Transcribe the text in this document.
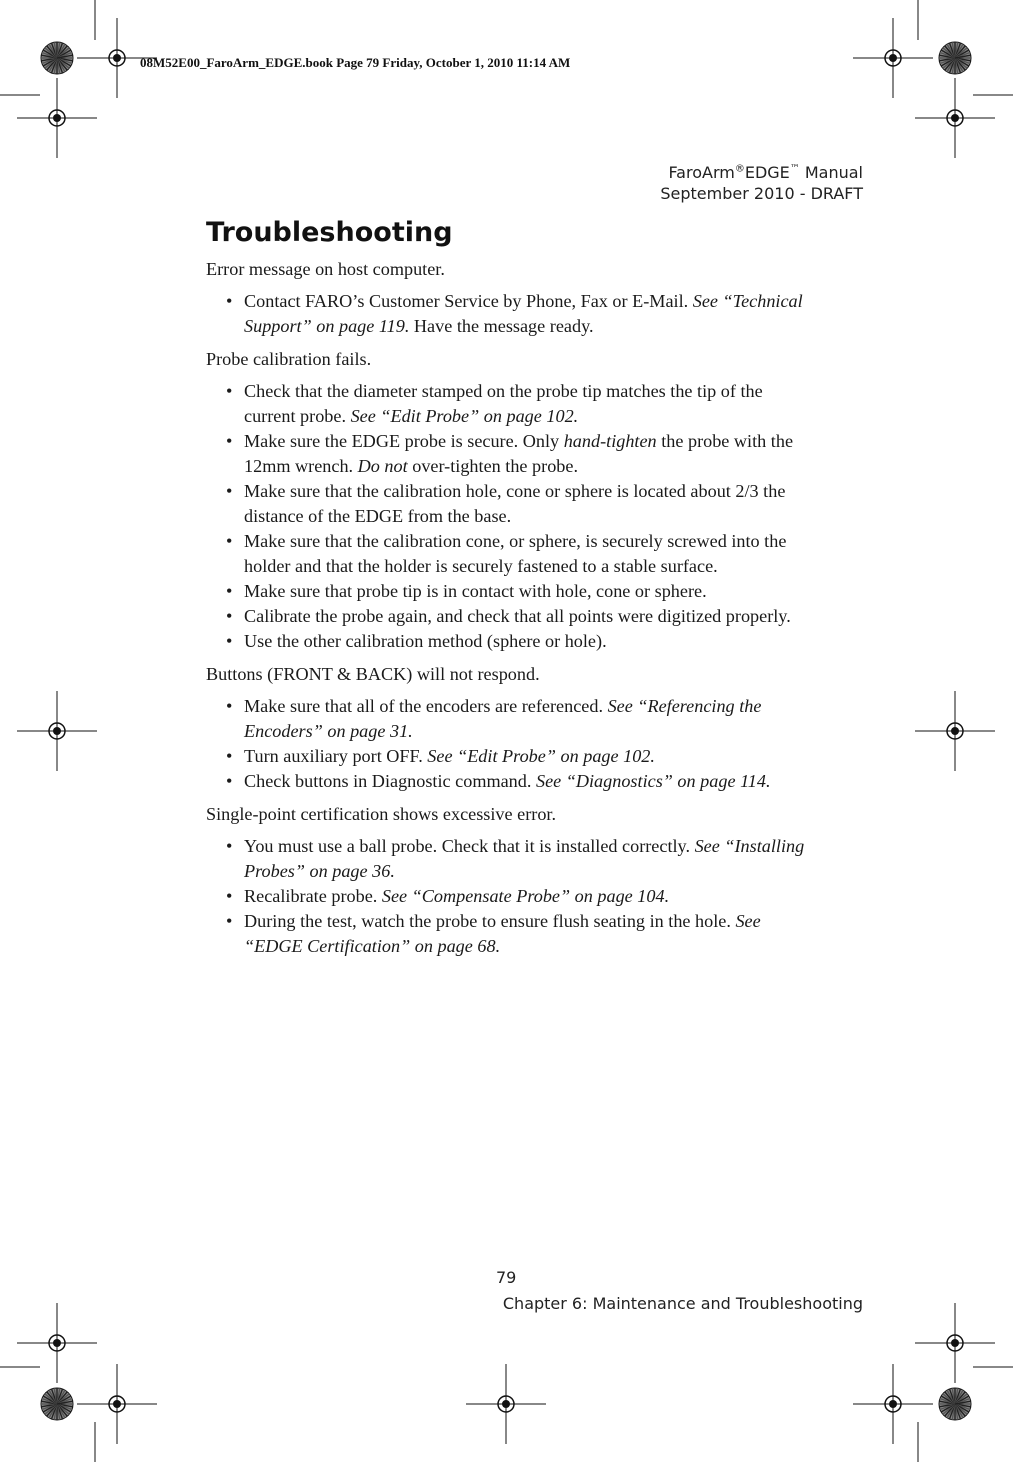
08M52E00_FaroArm_EDGE.book Page 79 Friday, October 1, 2010 11:14 AM
FaroArm®EDGE™ Manual
September 2010 - DRAFT
Troubleshooting

Error message on host computer.

• Contact FARO’s Customer Service by Phone, Fax or E-Mail. See “Technical Support” on page 119. Have the message ready.

Probe calibration fails.

• Check that the diameter stamped on the probe tip matches the tip of the current probe. See “Edit Probe” on page 102.
• Make sure the EDGE probe is secure. Only hand-tighten the probe with the 12mm wrench. Do not over-tighten the probe.
• Make sure that the calibration hole, cone or sphere is located about 2/3 the distance of the EDGE from the base.
• Make sure that the calibration cone, or sphere, is securely screwed into the holder and that the holder is securely fastened to a stable surface.
• Make sure that probe tip is in contact with hole, cone or sphere.
• Calibrate the probe again, and check that all points were digitized properly.
• Use the other calibration method (sphere or hole).

Buttons (FRONT & BACK) will not respond.

• Make sure that all of the encoders are referenced. See “Referencing the Encoders” on page 31.
• Turn auxiliary port OFF. See “Edit Probe” on page 102.
• Check buttons in Diagnostic command. See “Diagnostics” on page 114.

Single-point certification shows excessive error.

• You must use a ball probe. Check that it is installed correctly. See “Installing Probes” on page 36.
• Recalibrate probe. See “Compensate Probe” on page 104.
• During the test, watch the probe to ensure flush seating in the hole. See “EDGE Certification” on page 68.
79
Chapter 6: Maintenance and Troubleshooting
